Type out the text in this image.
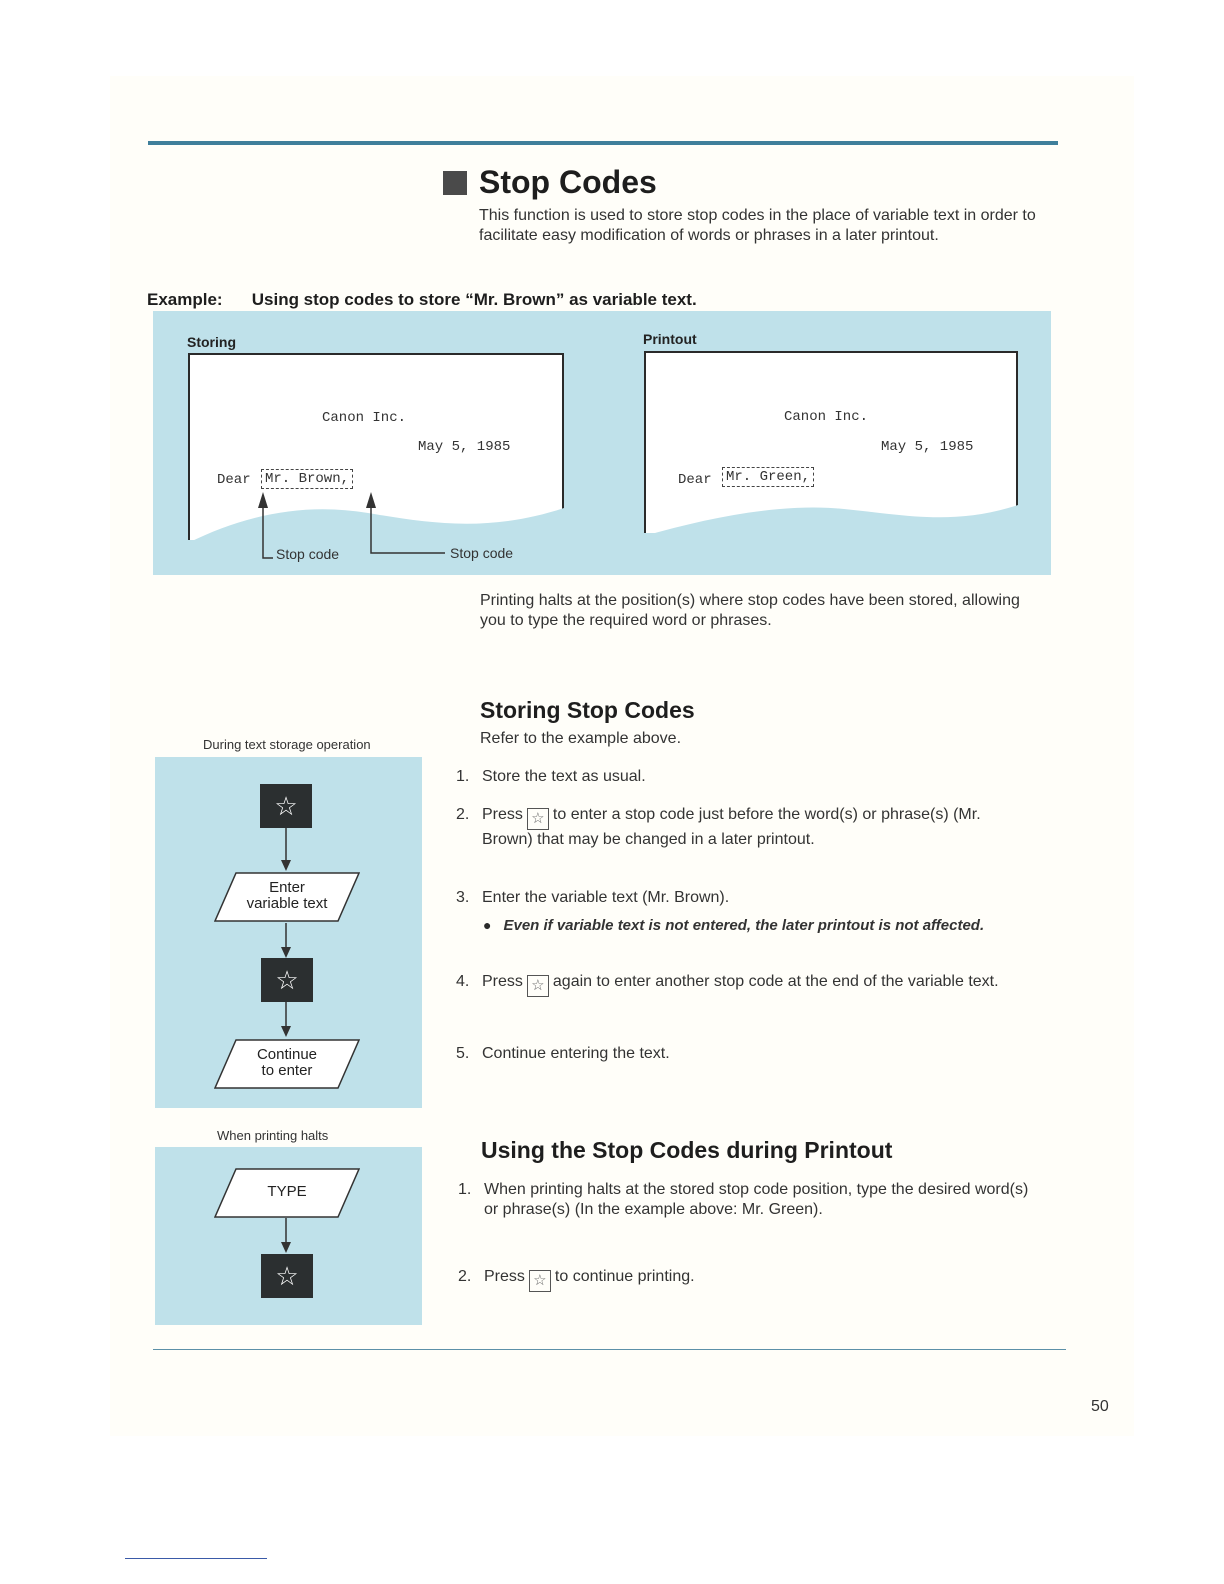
Stop Codes
This function is used to store stop codes in the place of variable text in order to facilitate easy modification of words or phrases in a later printout.
Example: Using stop codes to store “Mr. Brown” as variable text.
Storing
Canon Inc.
May 5, 1985
Dear Mr. Brown,
Stop code	Stop code
Printout
Canon Inc.
May 5, 1985
Dear Mr. Green,
Printing halts at the position(s) where stop codes have been stored, allowing you to type the required word or phrases.
Storing Stop Codes
Refer to the example above.
1. Store the text as usual.
2. Press ☆ to enter a stop code just before the word(s) or phrase(s) (Mr. Brown) that may be changed in a later printout.
3. Enter the variable text (Mr. Brown).
● Even if variable text is not entered, the later printout is not affected.
4. Press ☆ again to enter another stop code at the end of the variable text.
5. Continue entering the text.
Using the Stop Codes during Printout
1. When printing halts at the stored stop code position, type the desired word(s) or phrase(s) (In the example above: Mr. Green).
2. Press ☆ to continue printing.
During text storage operation
☆
Enter
variable text
☆
Continue
to enter
When printing halts
TYPE
☆
50
